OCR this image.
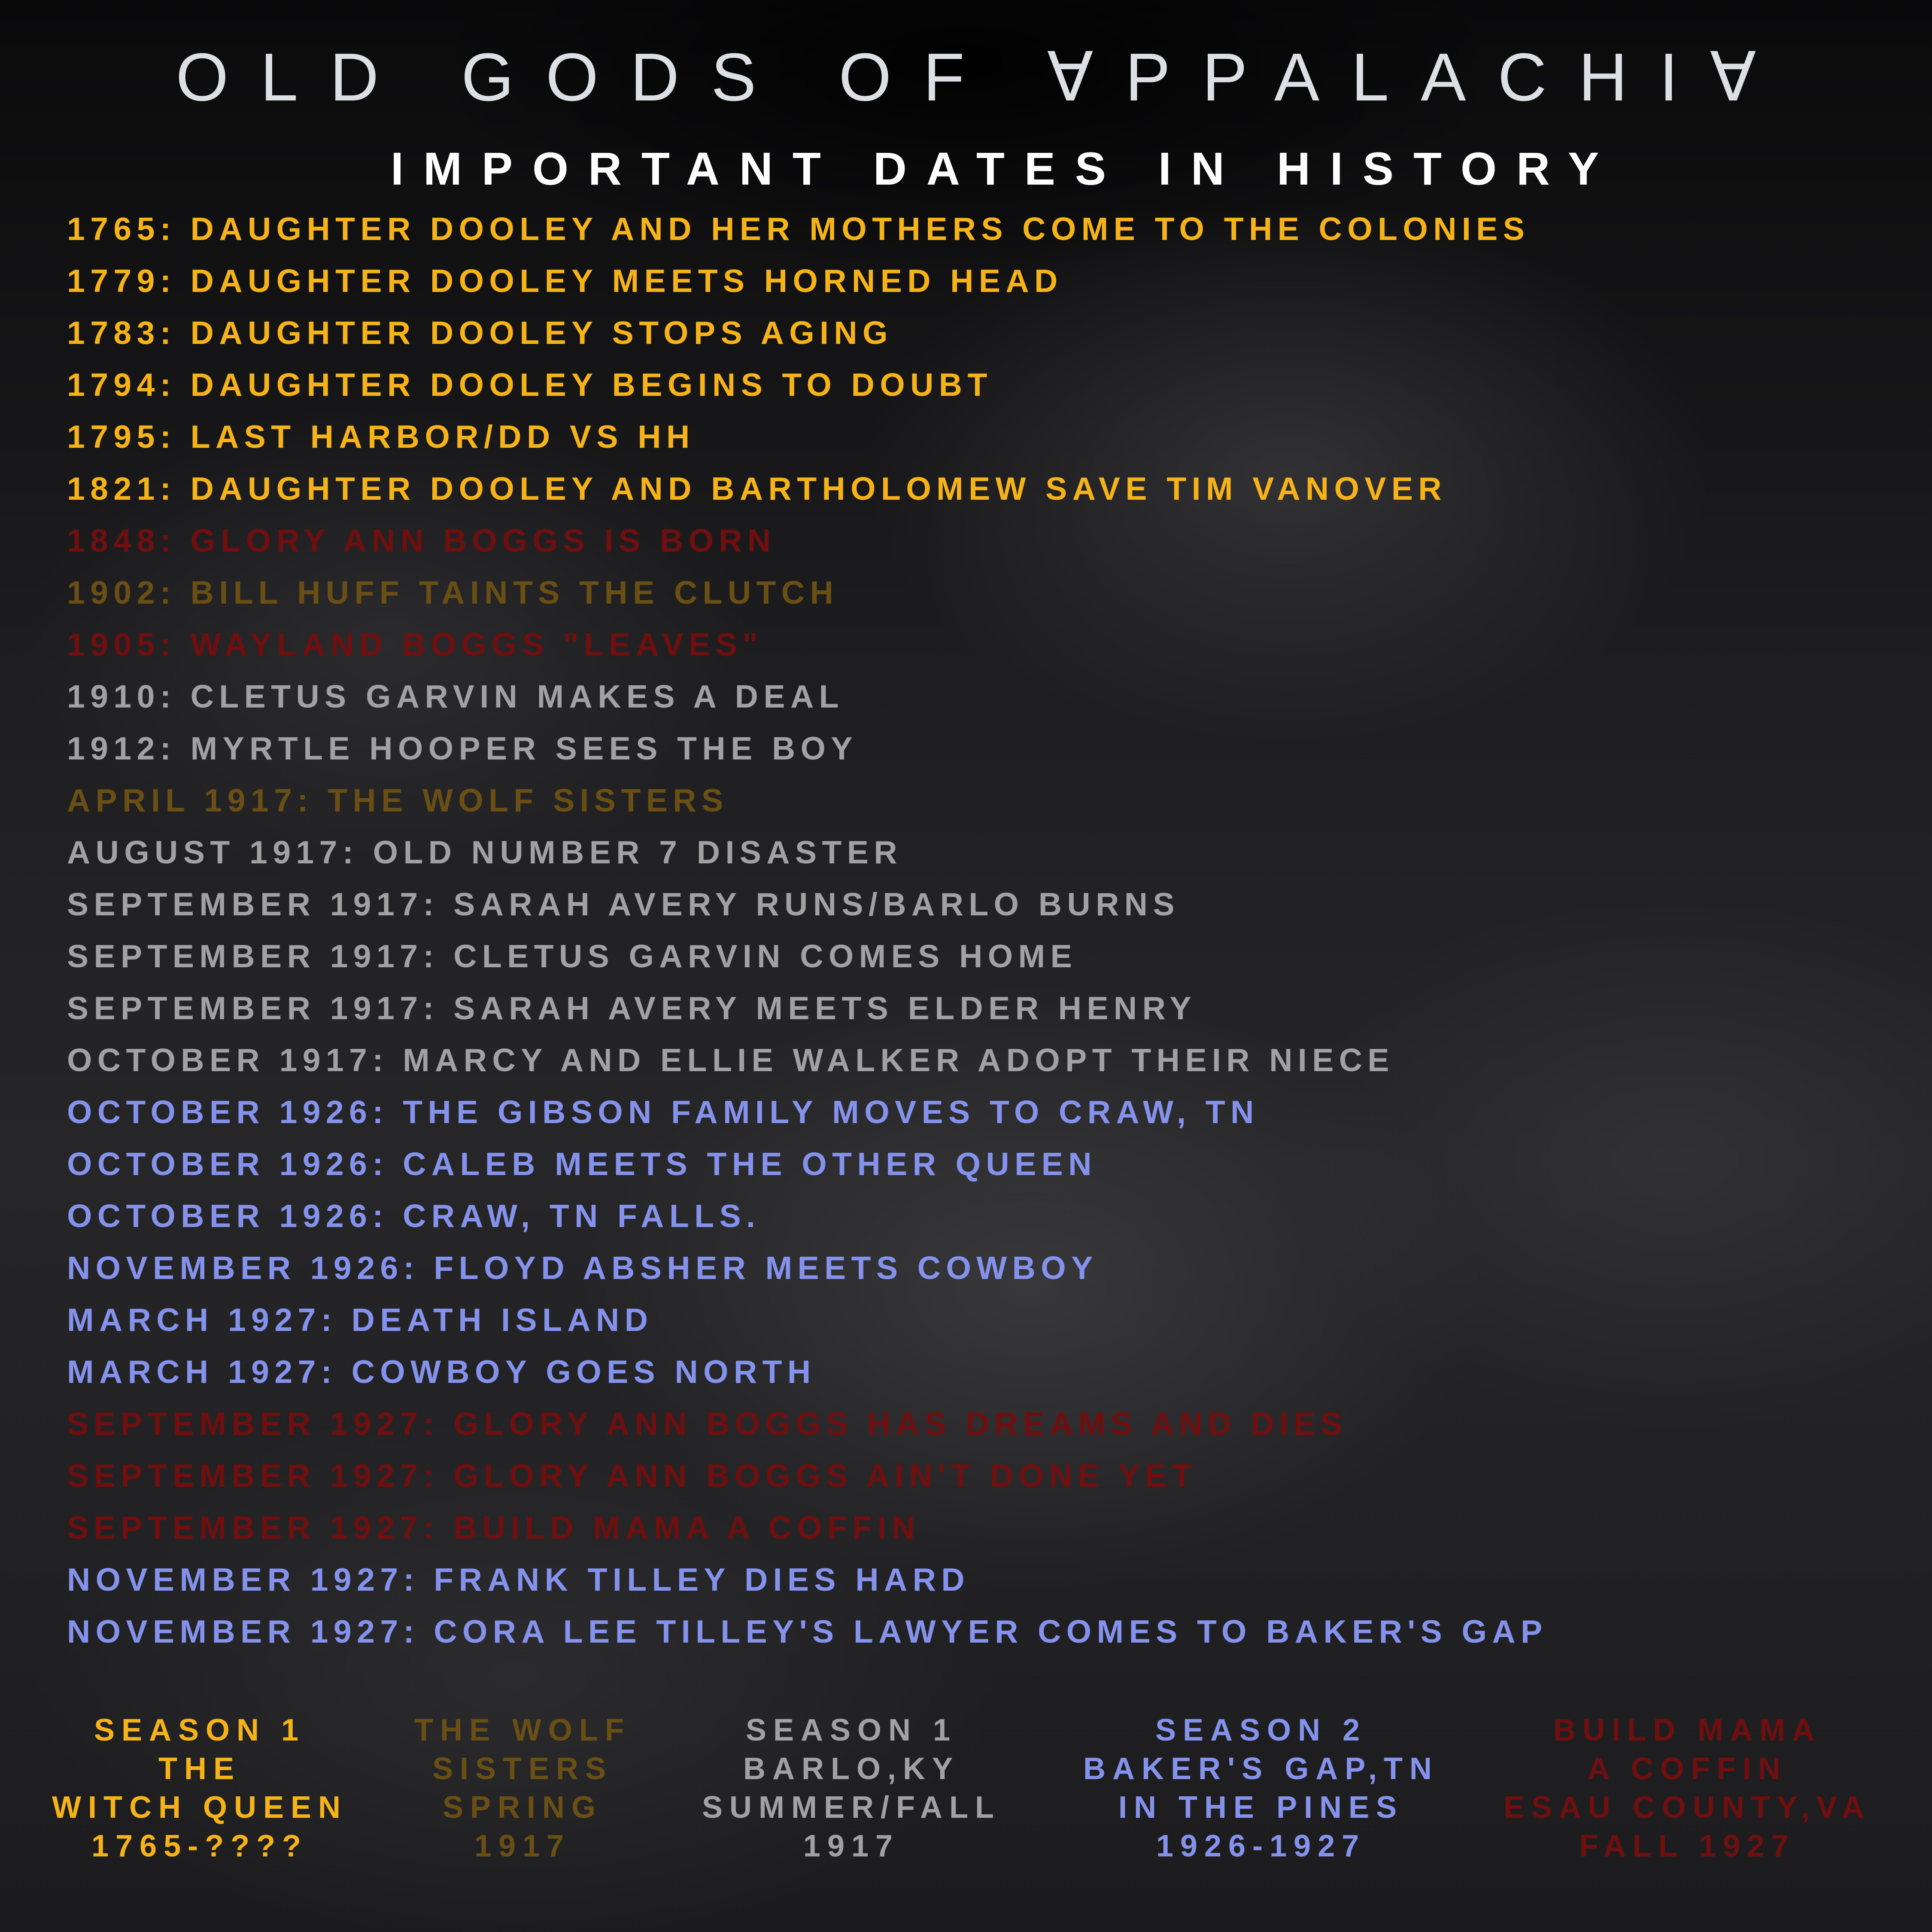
OLD GODS OF ∀PPALACHI∀
IMPORTANT DATES IN HISTORY
1765: DAUGHTER DOOLEY AND HER MOTHERS COME TO THE COLONIES
1779: DAUGHTER DOOLEY MEETS HORNED HEAD
1783: DAUGHTER DOOLEY STOPS AGING
1794: DAUGHTER DOOLEY BEGINS TO DOUBT
1795: LAST HARBOR/DD VS HH
1821: DAUGHTER DOOLEY AND BARTHOLOMEW SAVE TIM VANOVER
1848: GLORY ANN BOGGS IS BORN
1902: BILL HUFF TAINTS THE CLUTCH
1905: WAYLAND BOGGS "LEAVES"
1910: CLETUS GARVIN MAKES A DEAL
1912: MYRTLE HOOPER SEES THE BOY
APRIL 1917: THE WOLF SISTERS
AUGUST 1917: OLD NUMBER 7 DISASTER
SEPTEMBER 1917: SARAH AVERY RUNS/BARLO BURNS
SEPTEMBER 1917: CLETUS GARVIN COMES HOME
SEPTEMBER 1917: SARAH AVERY MEETS ELDER HENRY
OCTOBER 1917: MARCY AND ELLIE WALKER ADOPT THEIR NIECE
OCTOBER 1926: THE GIBSON FAMILY MOVES TO CRAW, TN
OCTOBER 1926: CALEB MEETS THE OTHER QUEEN
OCTOBER 1926: CRAW, TN FALLS.
NOVEMBER 1926: FLOYD ABSHER MEETS COWBOY
MARCH 1927: DEATH ISLAND
MARCH 1927: COWBOY GOES NORTH
SEPTEMBER 1927: GLORY ANN BOGGS HAS DREAMS AND DIES
SEPTEMBER 1927: GLORY ANN BOGGS AIN'T DONE YET
SEPTEMBER 1927: BUILD MAMA A COFFIN
NOVEMBER 1927: FRANK TILLEY DIES HARD
NOVEMBER 1927: CORA LEE TILLEY'S LAWYER COMES TO BAKER'S GAP
SEASON 1
THE
WITCH QUEEN
1765-????
THE WOLF
SISTERS
SPRING
1917
SEASON 1
BARLO,KY
SUMMER/FALL
1917
SEASON 2
BAKER'S GAP,TN
IN THE PINES
1926-1927
BUILD MAMA
A COFFIN
ESAU COUNTY,VA
FALL 1927
